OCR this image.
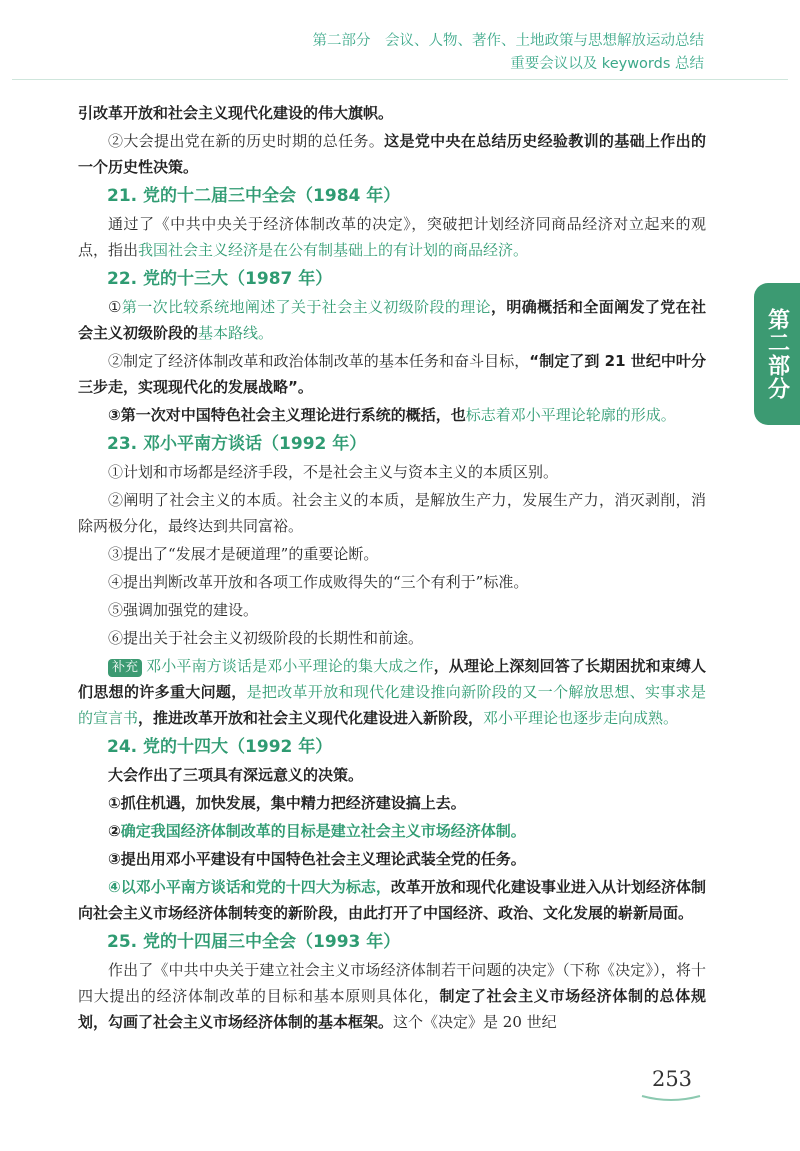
第二部分　会议、人物、著作、土地政策与思想解放运动总结
重要会议以及 keywords 总结
第二部分

引改革开放和社会主义现代化建设的伟大旗帜。

②大会提出党在新的历史时期的总任务。这是党中央在总结历史经验教训的基础上作出的一个历史性决策。

21. 党的十二届三中全会（1984 年）

通过了《中共中央关于经济体制改革的决定》，突破把计划经济同商品经济对立起来的观点，指出我国社会主义经济是在公有制基础上的有计划的商品经济。

22. 党的十三大（1987 年）

①第一次比较系统地阐述了关于社会主义初级阶段的理论，明确概括和全面阐发了党在社会主义初级阶段的基本路线。

②制定了经济体制改革和政治体制改革的基本任务和奋斗目标，“制定了到 21 世纪中叶分三步走，实现现代化的发展战略”。

③第一次对中国特色社会主义理论进行系统的概括，也标志着邓小平理论轮廓的形成。

23. 邓小平南方谈话（1992 年）

①计划和市场都是经济手段，不是社会主义与资本主义的本质区别。

②阐明了社会主义的本质。社会主义的本质，是解放生产力，发展生产力，消灭剥削，消除两极分化，最终达到共同富裕。

③提出了“发展才是硬道理”的重要论断。

④提出判断改革开放和各项工作成败得失的“三个有利于”标准。

⑤强调加强党的建设。

⑥提出关于社会主义初级阶段的长期性和前途。

补充 邓小平南方谈话是邓小平理论的集大成之作，从理论上深刻回答了长期困扰和束缚人们思想的许多重大问题，是把改革开放和现代化建设推向新阶段的又一个解放思想、实事求是的宣言书，推进改革开放和社会主义现代化建设进入新阶段，邓小平理论也逐步走向成熟。

24. 党的十四大（1992 年）

大会作出了三项具有深远意义的决策。

①抓住机遇，加快发展，集中精力把经济建设搞上去。

②确定我国经济体制改革的目标是建立社会主义市场经济体制。

③提出用邓小平建设有中国特色社会主义理论武装全党的任务。

④以邓小平南方谈话和党的十四大为标志，改革开放和现代化建设事业进入从计划经济体制向社会主义市场经济体制转变的新阶段，由此打开了中国经济、政治、文化发展的崭新局面。

25. 党的十四届三中全会（1993 年）

作出了《中共中央关于建立社会主义市场经济体制若干问题的决定》（下称《决定》），将十四大提出的经济体制改革的目标和基本原则具体化，制定了社会主义市场经济体制的总体规划，勾画了社会主义市场经济体制的基本框架。这个《决定》是 20 世纪

253
